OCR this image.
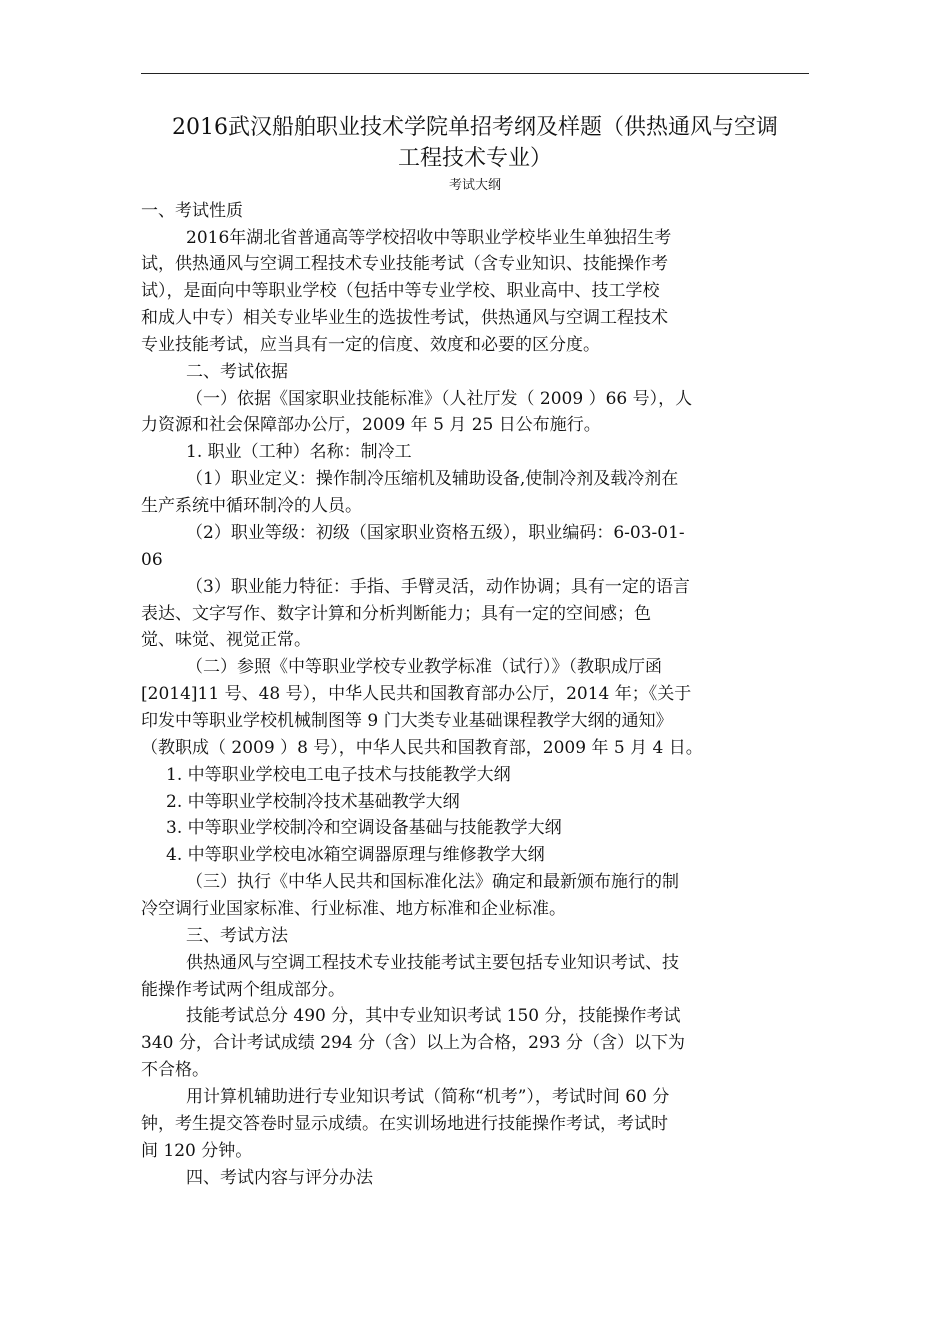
2016武汉船舶职业技术学院单招考纲及样题（供热通风与空调
工程技术专业）
考试大纲
一、考试性质
2016年湖北省普通高等学校招收中等职业学校毕业生单独招生考
试，供热通风与空调工程技术专业技能考试（含专业知识、技能操作考
试），是面向中等职业学校（包括中等专业学校、职业高中、技工学校
和成人中专）相关专业毕业生的选拔性考试，供热通风与空调工程技术
专业技能考试，应当具有一定的信度、效度和必要的区分度。
二、考试依据
（一）依据《国家职业技能标准》（人社厅发（ 2009 ）66 号），人
力资源和社会保障部办公厅，2009 年 5 月 25 日公布施行。
1. 职业（工种）名称：制冷工
（1）职业定义：操作制冷压缩机及辅助设备,使制冷剂及载冷剂在
生产系统中循环制冷的人员。
（2）职业等级：初级（国家职业资格五级），职业编码：6-03-01-
06
（3）职业能力特征：手指、手臂灵活，动作协调；具有一定的语言
表达、文字写作、数字计算和分析判断能力；具有一定的空间感；色
觉、味觉、视觉正常。
（二）参照《中等职业学校专业教学标准（试行）》（教职成厅函
[2014]11 号、48 号），中华人民共和国教育部办公厅，2014 年；《关于
印发中等职业学校机械制图等 9 门大类专业基础课程教学大纲的通知》
（教职成（ 2009 ）8 号），中华人民共和国教育部，2009 年 5 月 4 日。
1. 中等职业学校电工电子技术与技能教学大纲
2. 中等职业学校制冷技术基础教学大纲
3. 中等职业学校制冷和空调设备基础与技能教学大纲
4. 中等职业学校电冰箱空调器原理与维修教学大纲
（三）执行《中华人民共和国标准化法》确定和最新颁布施行的制
冷空调行业国家标准、行业标准、地方标准和企业标准。
三、考试方法
供热通风与空调工程技术专业技能考试主要包括专业知识考试、技
能操作考试两个组成部分。
技能考试总分 490 分，其中专业知识考试 150 分，技能操作考试
340 分，合计考试成绩 294 分（含）以上为合格，293 分（含）以下为
不合格。
用计算机辅助进行专业知识考试（简称“机考”），考试时间 60 分
钟，考生提交答卷时显示成绩。在实训场地进行技能操作考试，考试时
间 120 分钟。
四、考试内容与评分办法
